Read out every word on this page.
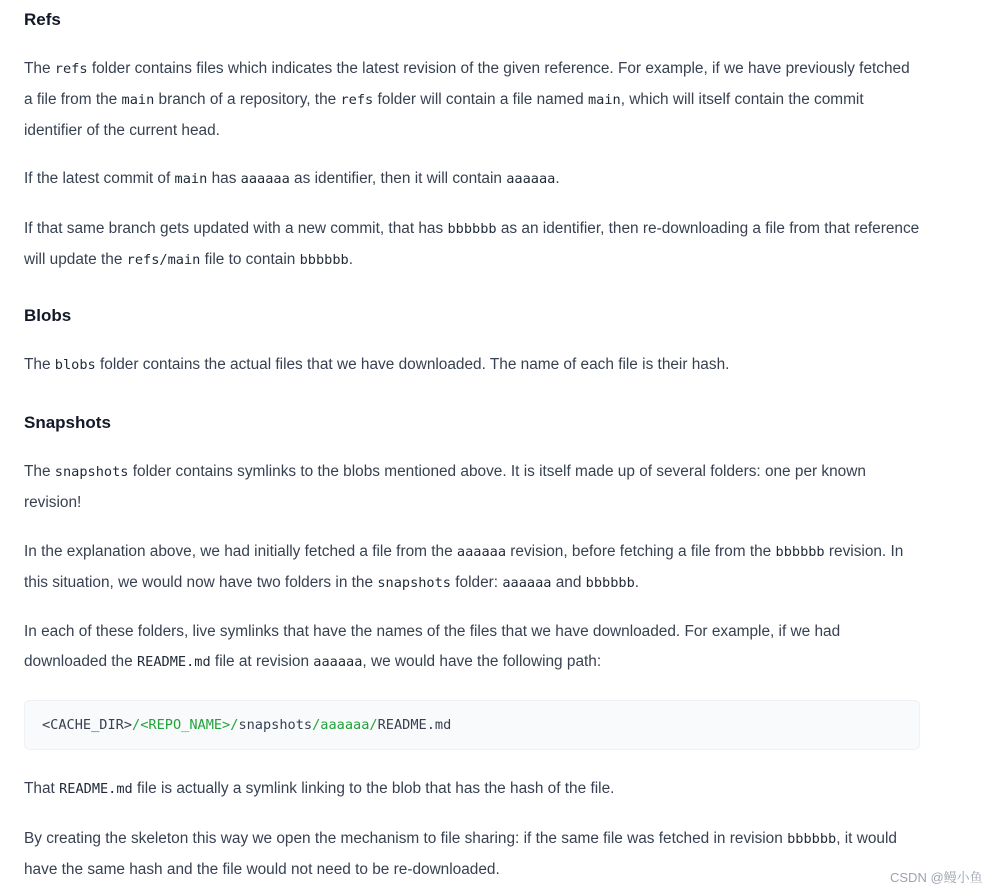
Refs

The refs folder contains files which indicates the latest revision of the given reference. For example, if we have previously fetched a file from the main branch of a repository, the refs folder will contain a file named main, which will itself contain the commit identifier of the current head.

If the latest commit of main has aaaaaa as identifier, then it will contain aaaaaa.

If that same branch gets updated with a new commit, that has bbbbbb as an identifier, then re-downloading a file from that reference will update the refs/main file to contain bbbbbb.

Blobs

The blobs folder contains the actual files that we have downloaded. The name of each file is their hash.

Snapshots

The snapshots folder contains symlinks to the blobs mentioned above. It is itself made up of several folders: one per known revision!

In the explanation above, we had initially fetched a file from the aaaaaa revision, before fetching a file from the bbbbbb revision. In this situation, we would now have two folders in the snapshots folder: aaaaaa and bbbbbb.

In each of these folders, live symlinks that have the names of the files that we have downloaded. For example, if we had downloaded the README.md file at revision aaaaaa, we would have the following path:

<CACHE_DIR> /<REPO_NAME>/ snapshots /aaaaaa/ README.md

That README.md file is actually a symlink linking to the blob that has the hash of the file.

By creating the skeleton this way we open the mechanism to file sharing: if the same file was fetched in revision bbbbbb, it would have the same hash and the file would not need to be re-downloaded.	CSDN @鳗小鱼
